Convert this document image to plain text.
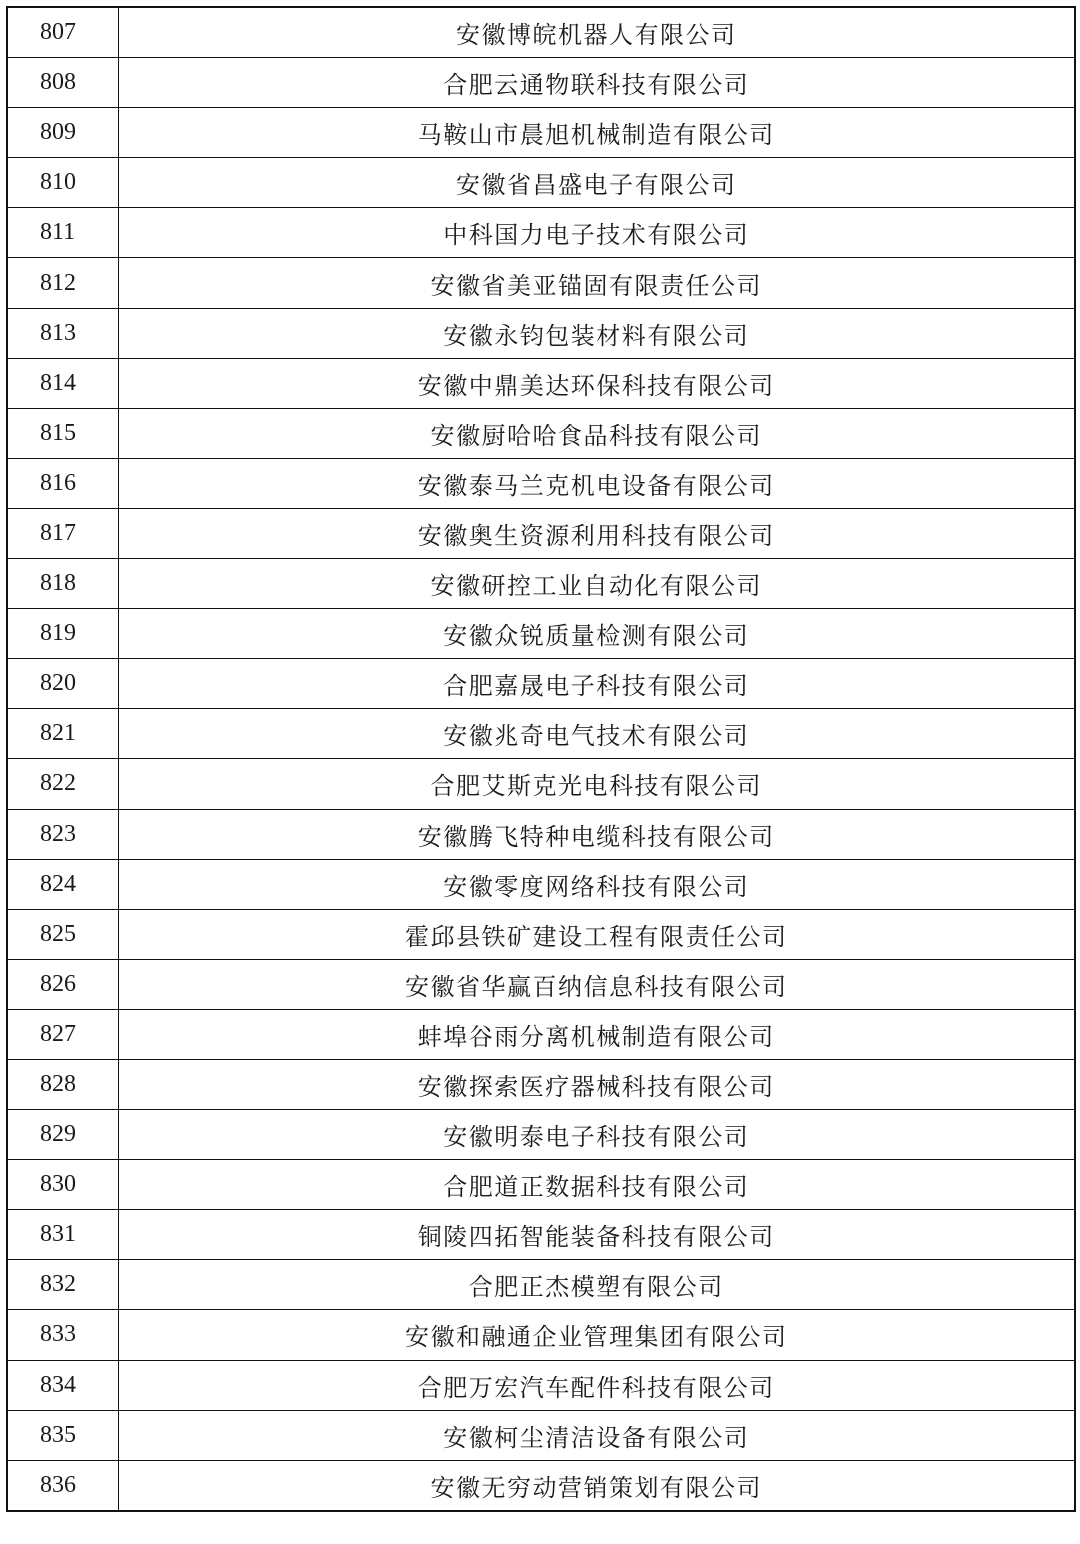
807	安徽博皖机器人有限公司
808	合肥云通物联科技有限公司
809	马鞍山市晨旭机械制造有限公司
810	安徽省昌盛电子有限公司
811	中科国力电子技术有限公司
812	安徽省美亚锚固有限责任公司
813	安徽永钧包装材料有限公司
814	安徽中鼎美达环保科技有限公司
815	安徽厨哈哈食品科技有限公司
816	安徽泰马兰克机电设备有限公司
817	安徽奥生资源利用科技有限公司
818	安徽研控工业自动化有限公司
819	安徽众锐质量检测有限公司
820	合肥嘉晟电子科技有限公司
821	安徽兆奇电气技术有限公司
822	合肥艾斯克光电科技有限公司
823	安徽腾飞特种电缆科技有限公司
824	安徽零度网络科技有限公司
825	霍邱县铁矿建设工程有限责任公司
826	安徽省华赢百纳信息科技有限公司
827	蚌埠谷雨分离机械制造有限公司
828	安徽探索医疗器械科技有限公司
829	安徽明泰电子科技有限公司
830	合肥道正数据科技有限公司
831	铜陵四拓智能装备科技有限公司
832	合肥正杰模塑有限公司
833	安徽和融通企业管理集团有限公司
834	合肥万宏汽车配件科技有限公司
835	安徽柯尘清洁设备有限公司
836	安徽无穷动营销策划有限公司
